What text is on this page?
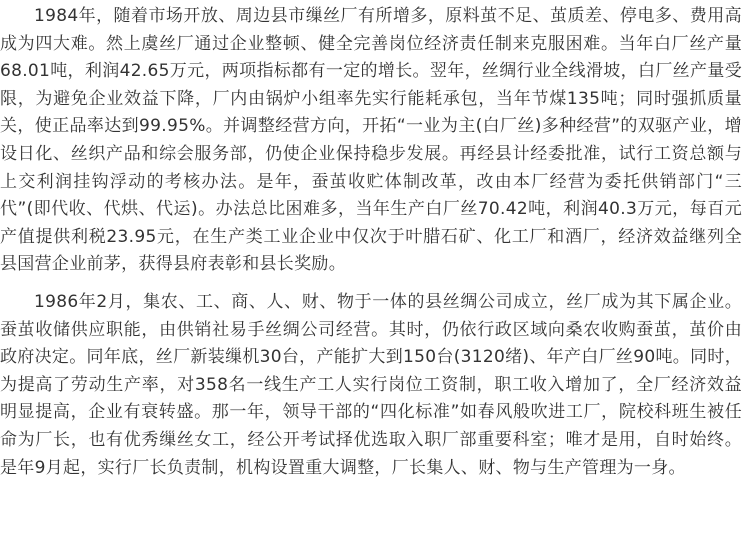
1984年，随着市场开放、周边县市缫丝厂有所增多，原料茧不足、茧质差、停电多、费用高成为四大难。然上虞丝厂通过企业整顿、健全完善岗位经济责任制来克服困难。当年白厂丝产量68.01吨，利润42.65万元，两项指标都有一定的增长。翌年，丝绸行业全线滑坡，白厂丝产量受限，为避免企业效益下降，厂内由锅炉小组率先实行能耗承包，当年节煤135吨；同时强抓质量关，使正品率达到99.95%。并调整经营方向，开拓“一业为主(白厂丝)多种经营”的双驱产业，增设日化、丝织产品和综会服务部，仍使企业保持稳步发展。再经县计经委批准，试行工资总额与上交利润挂钩浮动的考核办法。是年，蚕茧收贮体制改革，改由本厂经营为委托供销部门“三代”(即代收、代烘、代运)。办法总比困难多，当年生产白厂丝70.42吨，利润40.3万元，每百元产值提供利税23.95元，在生产类工业企业中仅次于叶腊石矿、化工厂和酒厂，经济效益继列全县国营企业前茅，获得县府表彰和县长奖励。

1986年2月，集农、工、商、人、财、物于一体的县丝绸公司成立，丝厂成为其下属企业。蚕茧收储供应职能，由供销社易手丝绸公司经营。其时，仍依行政区域向桑农收购蚕茧，茧价由政府决定。同年底，丝厂新装缫机30台，产能扩大到150台(3120绪)、年产白厂丝90吨。同时，为提高了劳动生产率，对358名一线生产工人实行岗位工资制，职工收入增加了，全厂经济效益明显提高，企业有衰转盛。那一年，领导干部的“四化标准”如春风般吹进工厂，院校科班生被任命为厂长，也有优秀缫丝女工，经公开考试择优选取入职厂部重要科室；唯才是用，自时始终。是年9月起，实行厂长负责制，机构设置重大调整，厂长集人、财、物与生产管理为一身。
